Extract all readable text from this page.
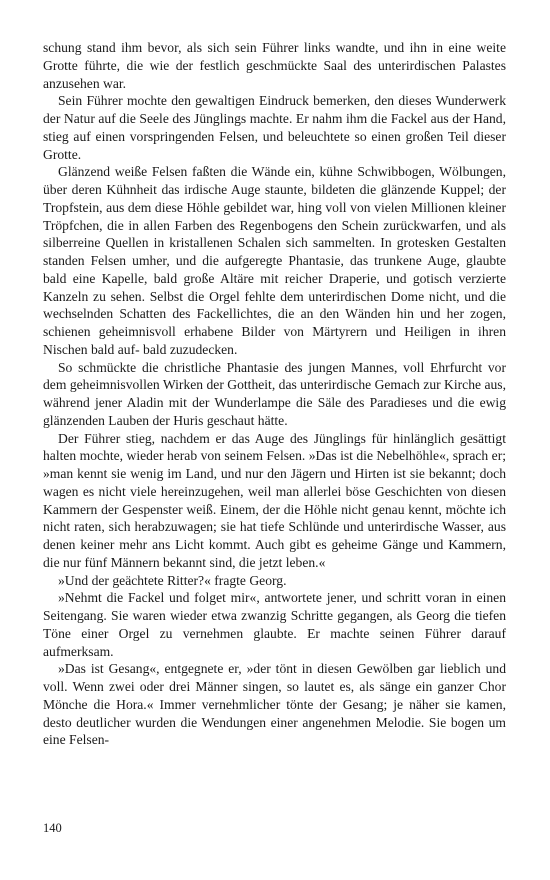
schung stand ihm bevor, als sich sein Führer links wandte, und ihn in eine weite Grotte führte, die wie der festlich geschmückte Saal des unterirdischen Palastes anzusehen war.

Sein Führer mochte den gewaltigen Eindruck bemerken, den dieses Wunderwerk der Natur auf die Seele des Jünglings machte. Er nahm ihm die Fackel aus der Hand, stieg auf einen vorspringenden Felsen, und beleuchtete so einen großen Teil dieser Grotte.

Glänzend weiße Felsen faßten die Wände ein, kühne Schwibbogen, Wölbungen, über deren Kühnheit das irdische Auge staunte, bildeten die glänzende Kuppel; der Tropfstein, aus dem diese Höhle gebildet war, hing voll von vielen Millionen kleiner Tröpfchen, die in allen Farben des Regenbogens den Schein zurückwarfen, und als silberreine Quellen in kristallenen Schalen sich sammelten. In grotesken Gestalten standen Felsen umher, und die aufgeregte Phantasie, das trunkene Auge, glaubte bald eine Kapelle, bald große Altäre mit reicher Draperie, und gotisch verzierte Kanzeln zu sehen. Selbst die Orgel fehlte dem unterirdischen Dome nicht, und die wechselnden Schatten des Fackellichtes, die an den Wänden hin und her zogen, schienen geheimnisvoll erhabene Bilder von Märtyrern und Heiligen in ihren Nischen bald auf- bald zuzudecken.

So schmückte die christliche Phantasie des jungen Mannes, voll Ehrfurcht vor dem geheimnisvollen Wirken der Gottheit, das unterirdische Gemach zur Kirche aus, während jener Aladin mit der Wunderlampe die Säle des Paradieses und die ewig glänzenden Lauben der Huris geschaut hätte.

Der Führer stieg, nachdem er das Auge des Jünglings für hinlänglich gesättigt halten mochte, wieder herab von seinem Felsen. »Das ist die Nebelhöhle«, sprach er; »man kennt sie wenig im Land, und nur den Jägern und Hirten ist sie bekannt; doch wagen es nicht viele hereinzugehen, weil man allerlei böse Geschichten von diesen Kammern der Gespenster weiß. Einem, der die Höhle nicht genau kennt, möchte ich nicht raten, sich herabzuwagen; sie hat tiefe Schlünde und unterirdische Wasser, aus denen keiner mehr ans Licht kommt. Auch gibt es geheime Gänge und Kammern, die nur fünf Männern bekannt sind, die jetzt leben.«

»Und der geächtete Ritter?« fragte Georg.

»Nehmt die Fackel und folget mir«, antwortete jener, und schritt voran in einen Seitengang. Sie waren wieder etwa zwanzig Schritte gegangen, als Georg die tiefen Töne einer Orgel zu vernehmen glaubte. Er machte seinen Führer darauf aufmerksam.

»Das ist Gesang«, entgegnete er, »der tönt in diesen Gewölben gar lieblich und voll. Wenn zwei oder drei Männer singen, so lautet es, als sänge ein ganzer Chor Mönche die Hora.« Immer vernehmlicher tönte der Gesang; je näher sie kamen, desto deutlicher wurden die Wendungen einer angenehmen Melodie. Sie bogen um eine Felsen-

140
